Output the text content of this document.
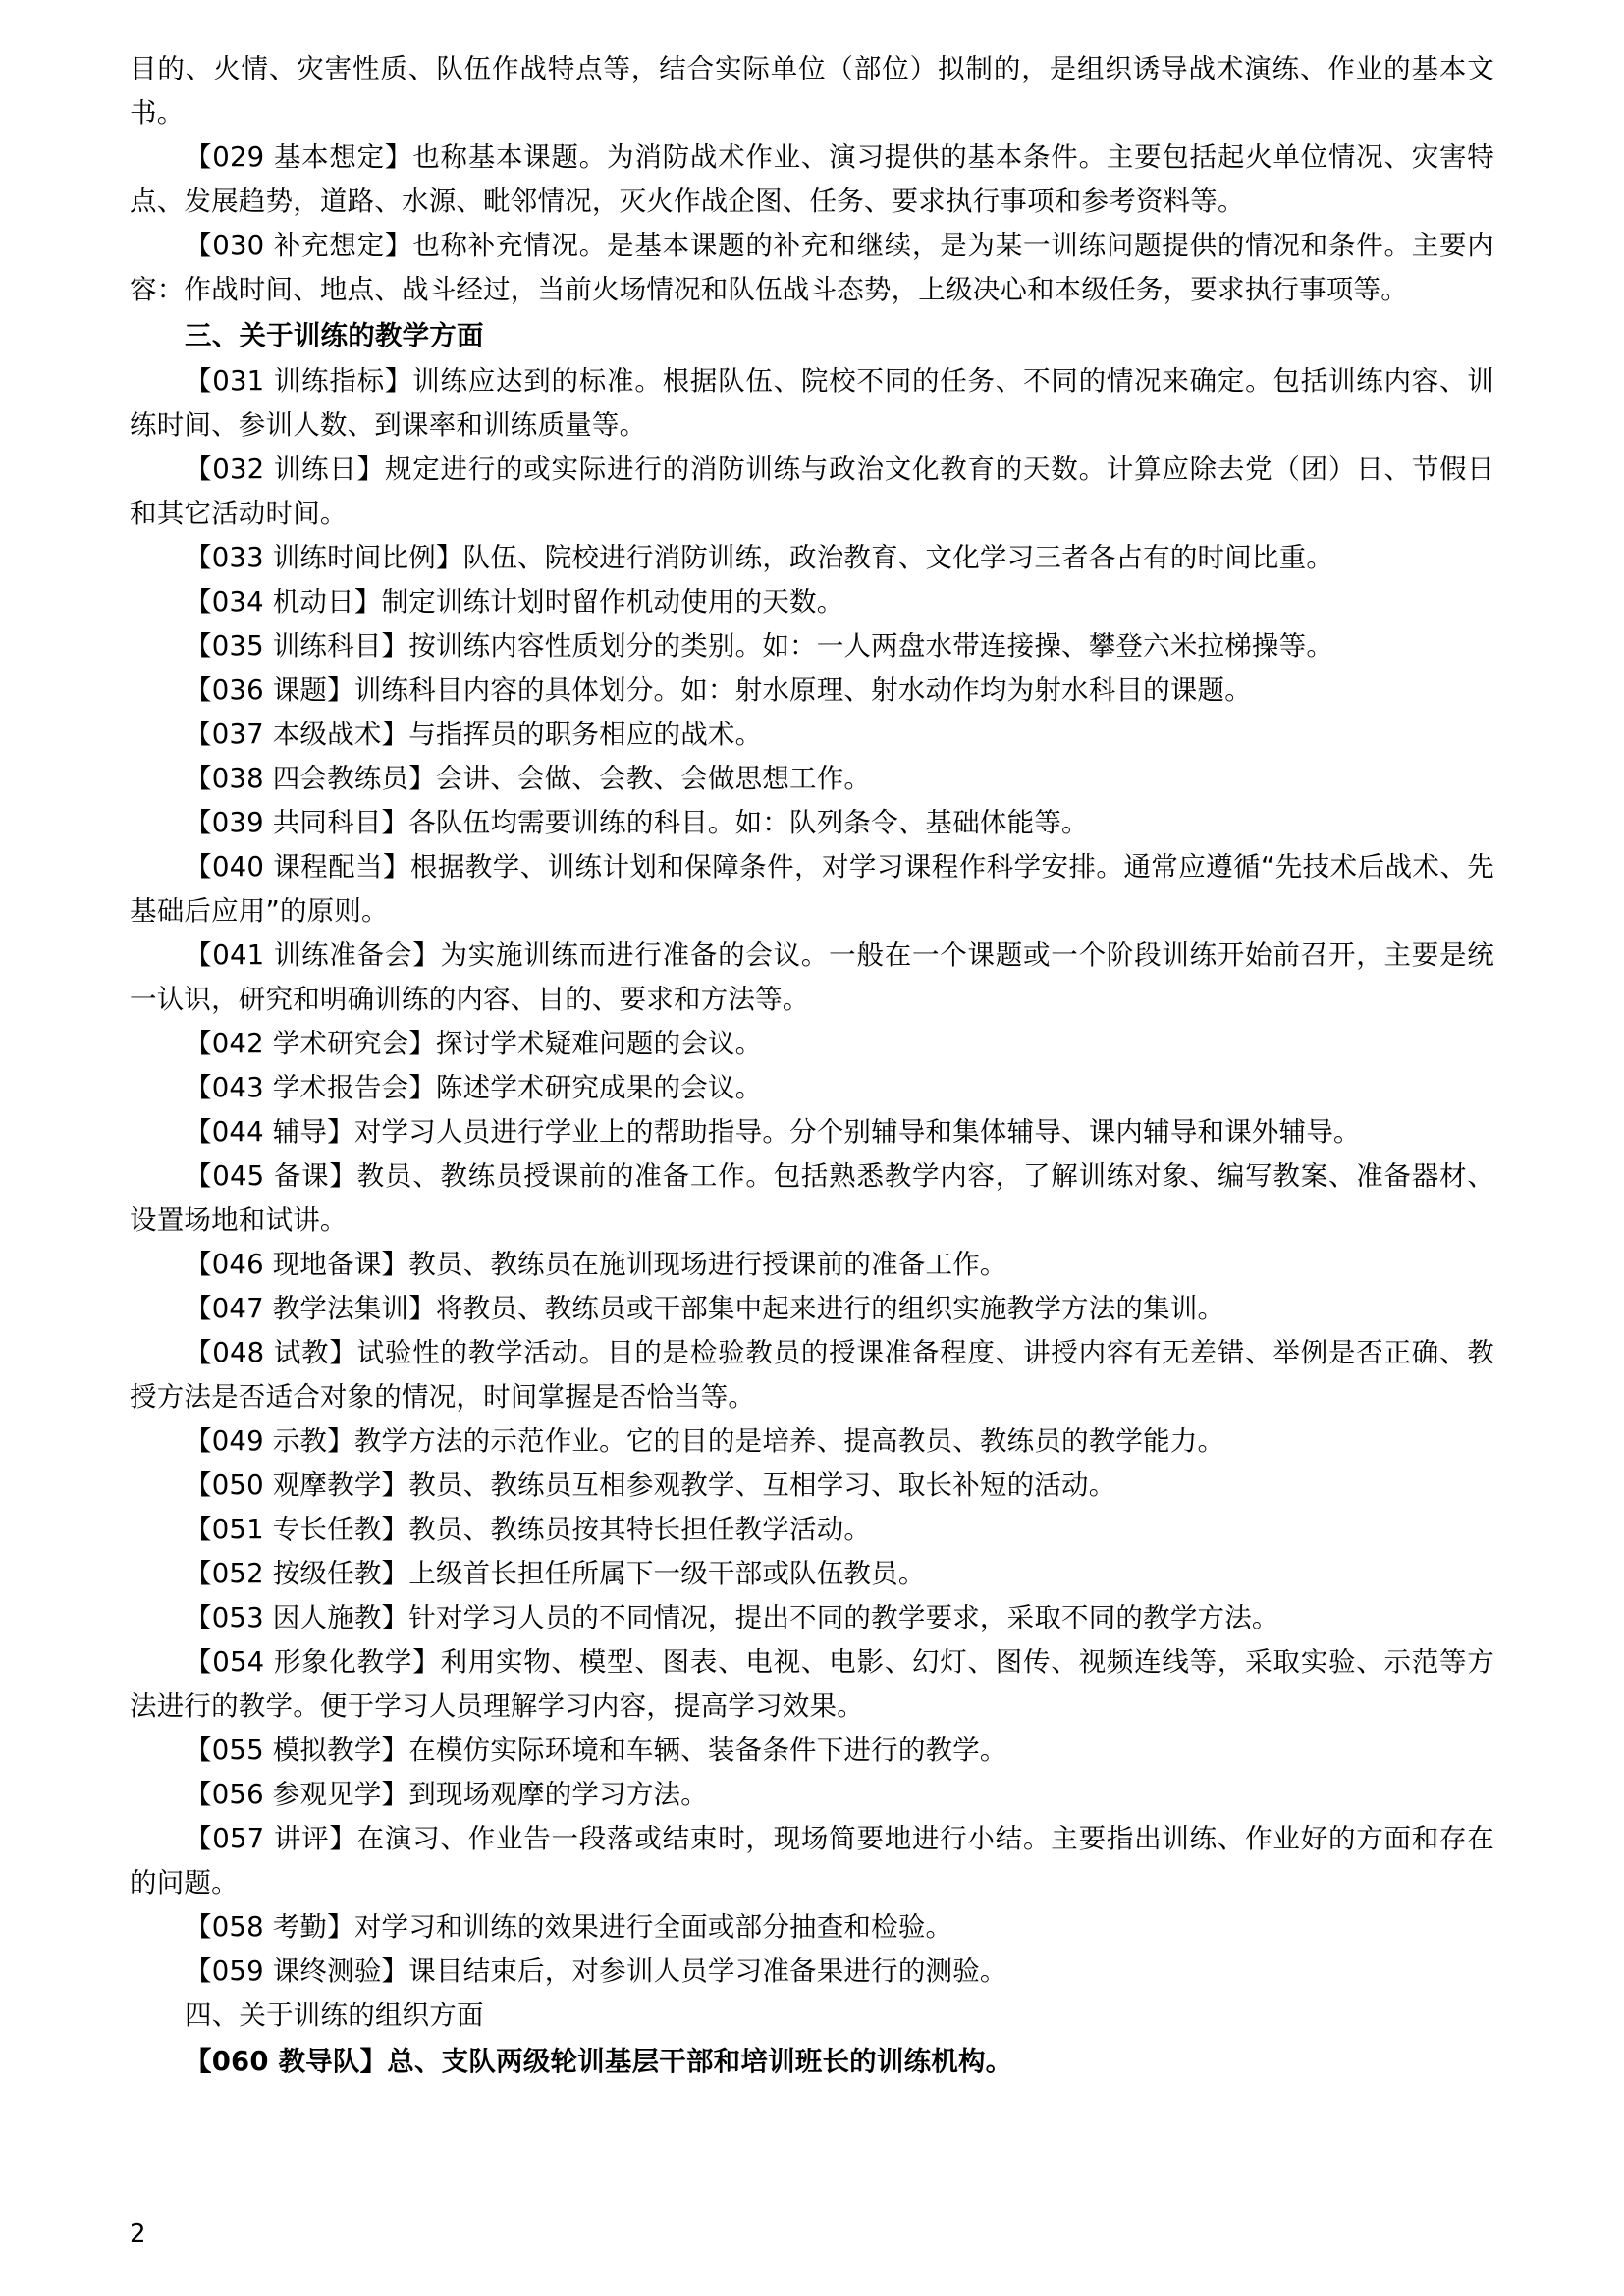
目的、火情、灾害性质、队伍作战特点等，结合实际单位（部位）拟制的，是组织诱导战术演练、作业的基本文书。

【029 基本想定】也称基本课题。为消防战术作业、演习提供的基本条件。主要包括起火单位情况、灾害特点、发展趋势，道路、水源、毗邻情况，灭火作战企图、任务、要求执行事项和参考资料等。

【030 补充想定】也称补充情况。是基本课题的补充和继续，是为某一训练问题提供的情况和条件。主要内容：作战时间、地点、战斗经过，当前火场情况和队伍战斗态势，上级决心和本级任务，要求执行事项等。

三、关于训练的教学方面

【031 训练指标】训练应达到的标准。根据队伍、院校不同的任务、不同的情况来确定。包括训练内容、训练时间、参训人数、到课率和训练质量等。

【032 训练日】规定进行的或实际进行的消防训练与政治文化教育的天数。计算应除去党（团）日、节假日和其它活动时间。

【033 训练时间比例】队伍、院校进行消防训练，政治教育、文化学习三者各占有的时间比重。

【034 机动日】制定训练计划时留作机动使用的天数。

【035 训练科目】按训练内容性质划分的类别。如：一人两盘水带连接操、攀登六米拉梯操等。

【036 课题】训练科目内容的具体划分。如：射水原理、射水动作均为射水科目的课题。

【037 本级战术】与指挥员的职务相应的战术。

【038 四会教练员】会讲、会做、会教、会做思想工作。

【039 共同科目】各队伍均需要训练的科目。如：队列条令、基础体能等。

【040 课程配当】根据教学、训练计划和保障条件，对学习课程作科学安排。通常应遵循“先技术后战术、先基础后应用”的原则。

【041 训练准备会】为实施训练而进行准备的会议。一般在一个课题或一个阶段训练开始前召开，主要是统一认识，研究和明确训练的内容、目的、要求和方法等。

【042 学术研究会】探讨学术疑难问题的会议。

【043 学术报告会】陈述学术研究成果的会议。

【044 辅导】对学习人员进行学业上的帮助指导。分个别辅导和集体辅导、课内辅导和课外辅导。

【045 备课】教员、教练员授课前的准备工作。包括熟悉教学内容，了解训练对象、编写教案、准备器材、设置场地和试讲。

【046 现地备课】教员、教练员在施训现场进行授课前的准备工作。

【047 教学法集训】将教员、教练员或干部集中起来进行的组织实施教学方法的集训。

【048 试教】试验性的教学活动。目的是检验教员的授课准备程度、讲授内容有无差错、举例是否正确、教授方法是否适合对象的情况，时间掌握是否恰当等。

【049 示教】教学方法的示范作业。它的目的是培养、提高教员、教练员的教学能力。

【050 观摩教学】教员、教练员互相参观教学、互相学习、取长补短的活动。

【051 专长任教】教员、教练员按其特长担任教学活动。

【052 按级任教】上级首长担任所属下一级干部或队伍教员。

【053 因人施教】针对学习人员的不同情况，提出不同的教学要求，采取不同的教学方法。

【054 形象化教学】利用实物、模型、图表、电视、电影、幻灯、图传、视频连线等，采取实验、示范等方法进行的教学。便于学习人员理解学习内容，提高学习效果。

【055 模拟教学】在模仿实际环境和车辆、装备条件下进行的教学。

【056 参观见学】到现场观摩的学习方法。

【057 讲评】在演习、作业告一段落或结束时，现场简要地进行小结。主要指出训练、作业好的方面和存在的问题。

【058 考勤】对学习和训练的效果进行全面或部分抽查和检验。

【059 课终测验】课目结束后，对参训人员学习准备果进行的测验。

四、关于训练的组织方面

【060 教导队】总、支队两级轮训基层干部和培训班长的训练机构。

2
